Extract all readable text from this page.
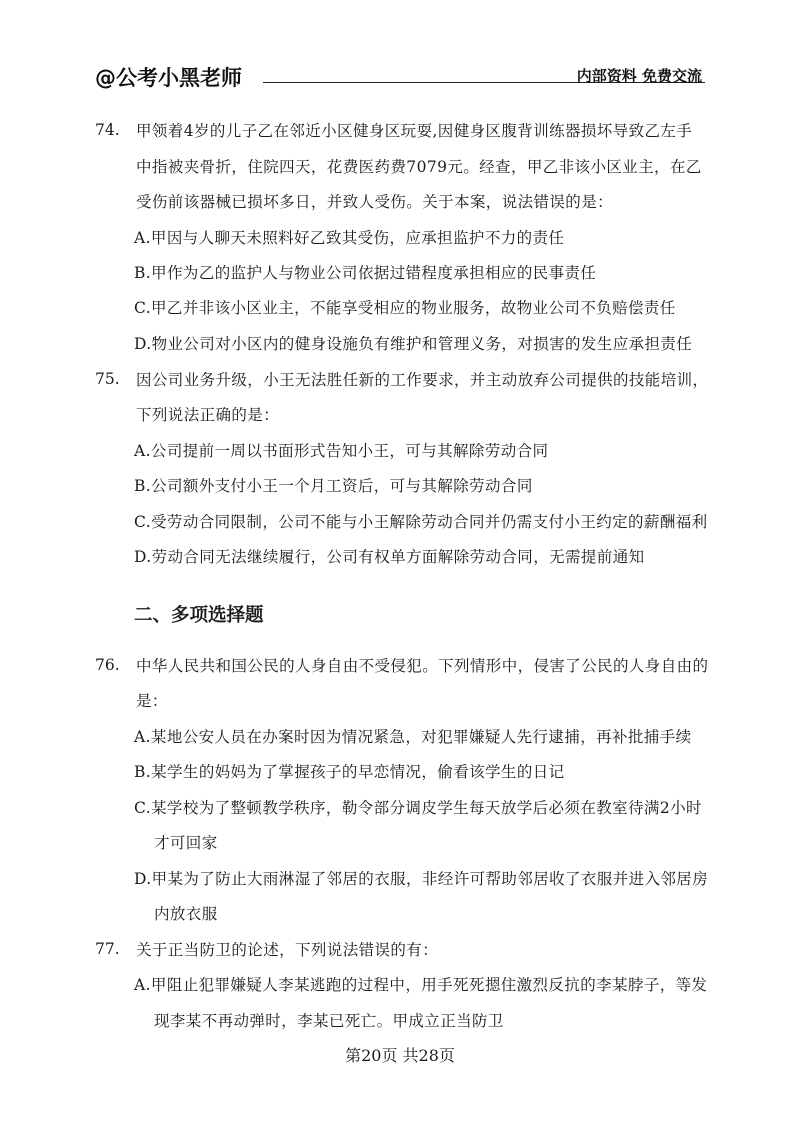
@公考小黑老师	内部资料 免费交流
74. 甲领着4岁的儿子乙在邻近小区健身区玩耍,因健身区腹背训练器损坏导致乙左手
中指被夹骨折，住院四天，花费医药费7079元。经查，甲乙非该小区业主，在乙
受伤前该器械已损坏多日，并致人受伤。关于本案，说法错误的是：
A.甲因与人聊天未照料好乙致其受伤，应承担监护不力的责任
B.甲作为乙的监护人与物业公司依据过错程度承担相应的民事责任
C.甲乙并非该小区业主，不能享受相应的物业服务，故物业公司不负赔偿责任
D.物业公司对小区内的健身设施负有维护和管理义务，对损害的发生应承担责任
75. 因公司业务升级，小王无法胜任新的工作要求，并主动放弃公司提供的技能培训，
下列说法正确的是：
A.公司提前一周以书面形式告知小王，可与其解除劳动合同
B.公司额外支付小王一个月工资后，可与其解除劳动合同
C.受劳动合同限制，公司不能与小王解除劳动合同并仍需支付小王约定的薪酬福利
D.劳动合同无法继续履行，公司有权单方面解除劳动合同，无需提前通知
二、多项选择题
76. 中华人民共和国公民的人身自由不受侵犯。下列情形中，侵害了公民的人身自由的
是：
A.某地公安人员在办案时因为情况紧急，对犯罪嫌疑人先行逮捕，再补批捕手续
B.某学生的妈妈为了掌握孩子的早恋情况，偷看该学生的日记
C.某学校为了整顿教学秩序，勒令部分调皮学生每天放学后必须在教室待满2小时
才可回家
D.甲某为了防止大雨淋湿了邻居的衣服，非经许可帮助邻居收了衣服并进入邻居房
内放衣服
77. 关于正当防卫的论述，下列说法错误的有：
A.甲阻止犯罪嫌疑人李某逃跑的过程中，用手死死摁住激烈反抗的李某脖子，等发
现李某不再动弹时，李某已死亡。甲成立正当防卫
第20页 共28页
